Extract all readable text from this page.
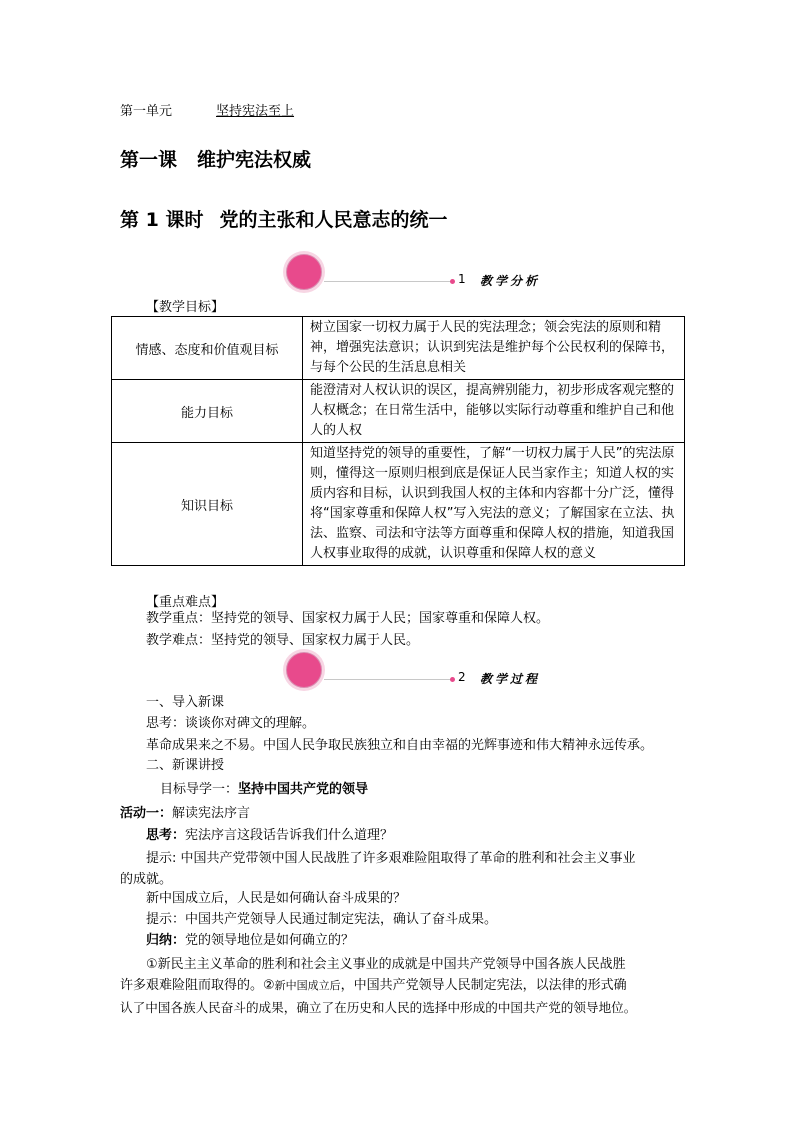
第一单元	坚持宪法至上
第一课 维护宪法权威
第 1 课时 党的主张和人民意志的统一
1 教学分析
【教学目标】
情感、态度和价值观目标	树立国家一切权力属于人民的宪法理念；领会宪法的原则和精神，增强宪法意识；认识到宪法是维护每个公民权利的保障书，与每个公民的生活息息相关
能力目标	能澄清对人权认识的误区，提高辨别能力，初步形成客观完整的人权概念；在日常生活中，能够以实际行动尊重和维护自己和他人的人权
知识目标	知道坚持党的领导的重要性，了解“一切权力属于人民”的宪法原则，懂得这一原则归根到底是保证人民当家作主；知道人权的实质内容和目标，认识到我国人权的主体和内容都十分广泛，懂得将“国家尊重和保障人权”写入宪法的意义；了解国家在立法、执法、监察、司法和守法等方面尊重和保障人权的措施，知道我国人权事业取得的成就，认识尊重和保障人权的意义
【重点难点】
教学重点：坚持党的领导、国家权力属于人民；国家尊重和保障人权。
教学难点：坚持党的领导、国家权力属于人民。
2 教学过程
一、导入新课
思考：谈谈你对碑文的理解。
革命成果来之不易。中国人民争取民族独立和自由幸福的光辉事迹和伟大精神永远传承。
二、新课讲授
目标导学一：坚持中国共产党的领导
活动一：解读宪法序言
思考：宪法序言这段话告诉我们什么道理？
提示: 中国共产党带领中国人民战胜了许多艰难险阻取得了革命的胜利和社会主义事业
的成就。
新中国成立后，人民是如何确认奋斗成果的？
提示：中国共产党领导人民通过制定宪法，确认了奋斗成果。
归纳：党的领导地位是如何确立的？
①新民主主义革命的胜利和社会主义事业的成就是中国共产党领导中国各族人民战胜
许多艰难险阻而取得的。②新中国成立后，中国共产党领导人民制定宪法，以法律的形式确
认了中国各族人民奋斗的成果，确立了在历史和人民的选择中形成的中国共产党的领导地位。
